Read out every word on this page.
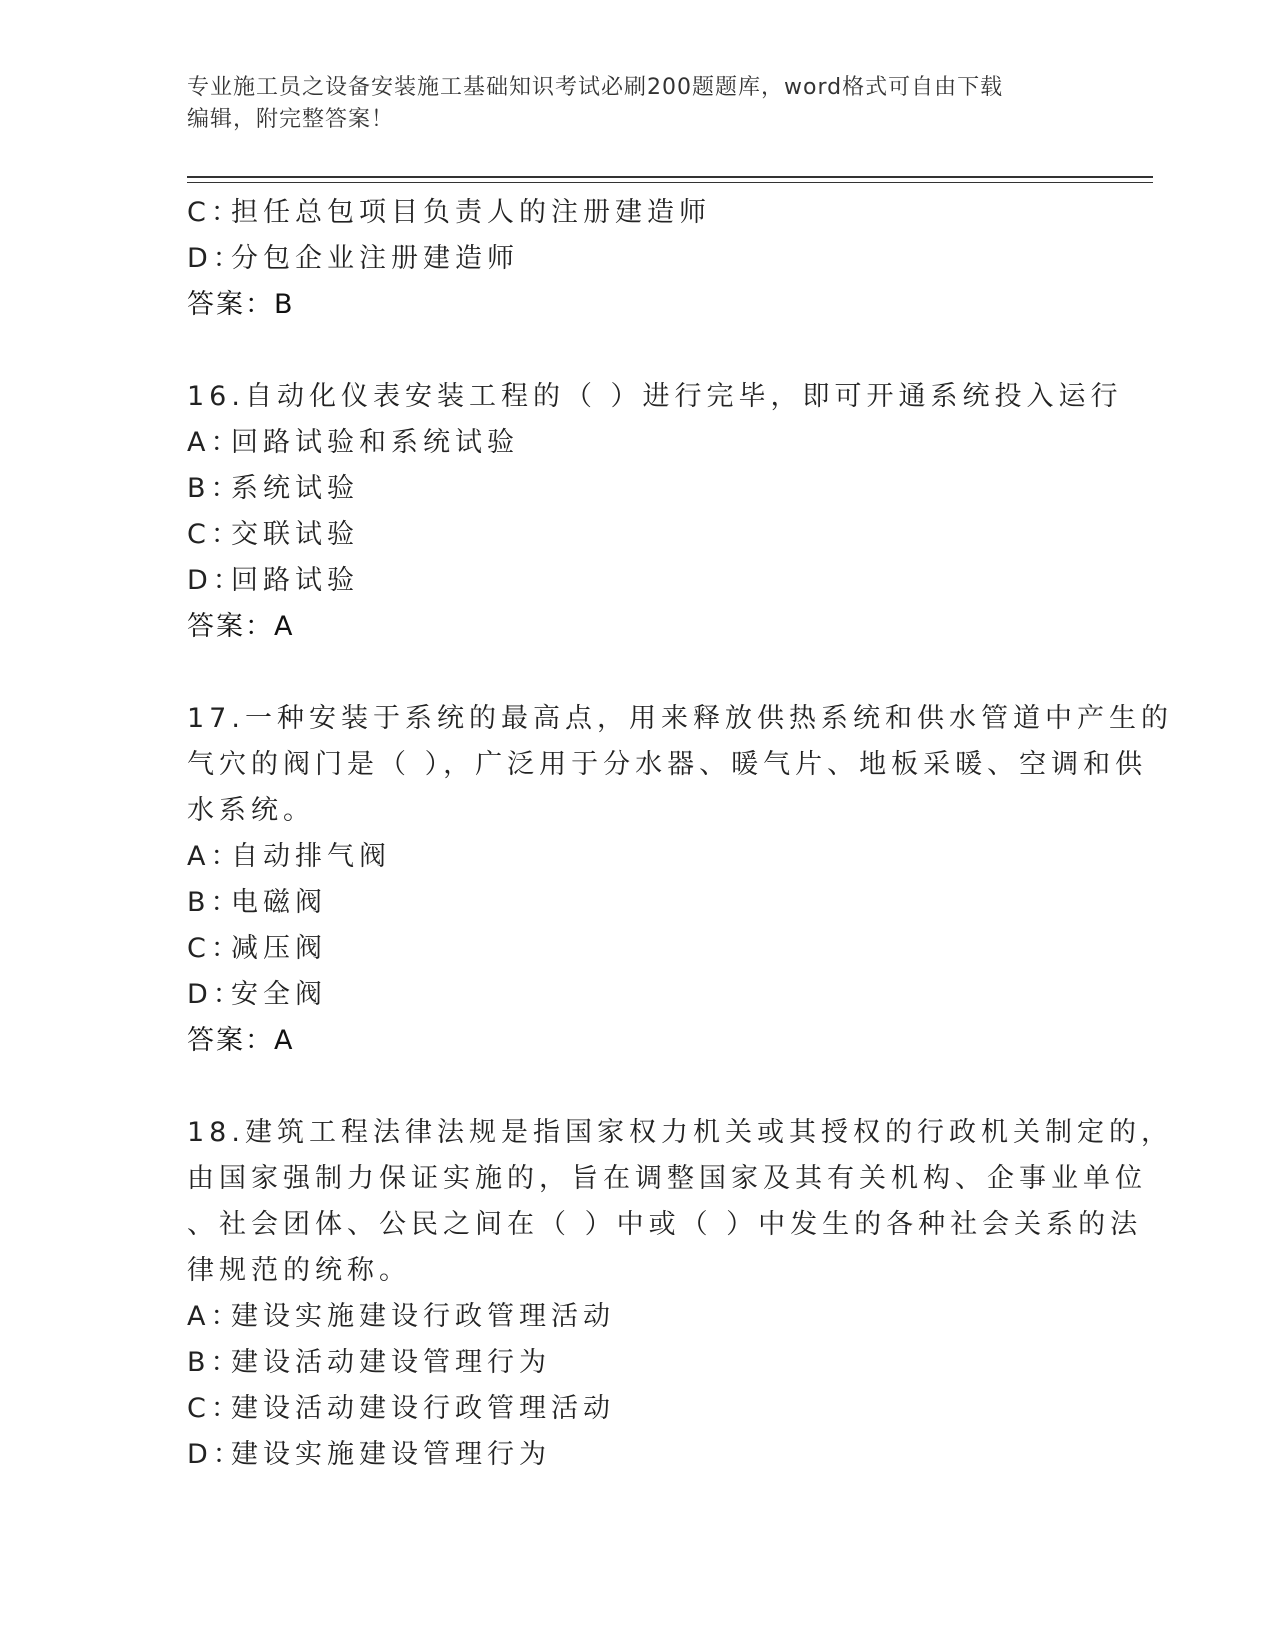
专业施工员之设备安装施工基础知识考试必刷200题题库，word格式可自由下载
编辑，附完整答案！
C：担任总包项目负责人的注册建造师
D：分包企业注册建造师
答案：B
16.自动化仪表安装工程的（ ）进行完毕，即可开通系统投入运行
A：回路试验和系统试验
B：系统试验
C：交联试验
D：回路试验
答案：A
17.一种安装于系统的最高点，用来释放供热系统和供水管道中产生的
气穴的阀门是（ ），广泛用于分水器、暖气片、地板采暖、空调和供
水系统。
A：自动排气阀
B：电磁阀
C：减压阀
D：安全阀
答案：A
18.建筑工程法律法规是指国家权力机关或其授权的行政机关制定的，
由国家强制力保证实施的，旨在调整国家及其有关机构、企事业单位
、社会团体、公民之间在（ ）中或（ ）中发生的各种社会关系的法
律规范的统称。
A：建设实施建设行政管理活动
B：建设活动建设管理行为
C：建设活动建设行政管理活动
D：建设实施建设管理行为
